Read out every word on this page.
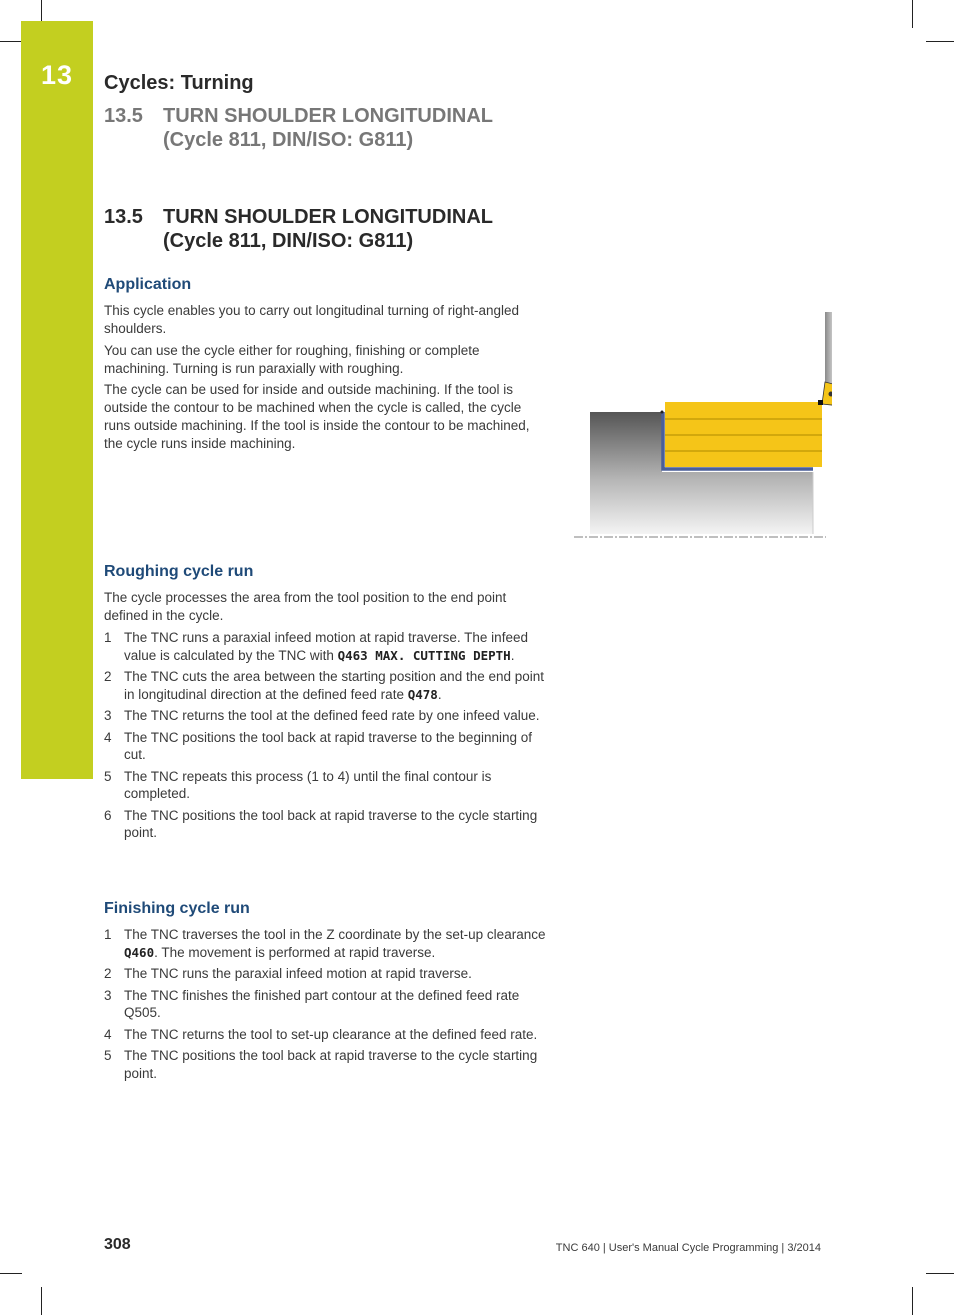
13	Cycles: Turning
13.5 TURN SHOULDER LONGITUDINAL
(Cycle 811, DIN/ISO: G811)
13.5 TURN SHOULDER LONGITUDINAL
(Cycle 811, DIN/ISO: G811)
Application

This cycle enables you to carry out longitudinal turning of right-angled shoulders.

You can use the cycle either for roughing, finishing or complete machining. Turning is run paraxially with roughing.

The cycle can be used for inside and outside machining. If the tool is outside the contour to be machined when the cycle is called, the cycle runs outside machining. If the tool is inside the contour to be machined, the cycle runs inside machining.

Roughing cycle run

The cycle processes the area from the tool position to the end point defined in the cycle.

1 The TNC runs a paraxial infeed motion at rapid traverse. The infeed value is calculated by the TNC with Q463 MAX. CUTTING DEPTH.
2 The TNC cuts the area between the starting position and the end point in longitudinal direction at the defined feed rate Q478.
3 The TNC returns the tool at the defined feed rate by one infeed value.
4 The TNC positions the tool back at rapid traverse to the beginning of cut.
5 The TNC repeats this process (1 to 4) until the final contour is completed.
6 The TNC positions the tool back at rapid traverse to the cycle starting point.
Finishing cycle run
1 The TNC traverses the tool in the Z coordinate by the set-up clearance Q460. The movement is performed at rapid traverse.
2 The TNC runs the paraxial infeed motion at rapid traverse.
3 The TNC finishes the finished part contour at the defined feed rate Q505.
4 The TNC returns the tool to set-up clearance at the defined feed rate.
5 The TNC positions the tool back at rapid traverse to the cycle starting point.

308	TNC 640 | User's Manual Cycle Programming | 3/2014
